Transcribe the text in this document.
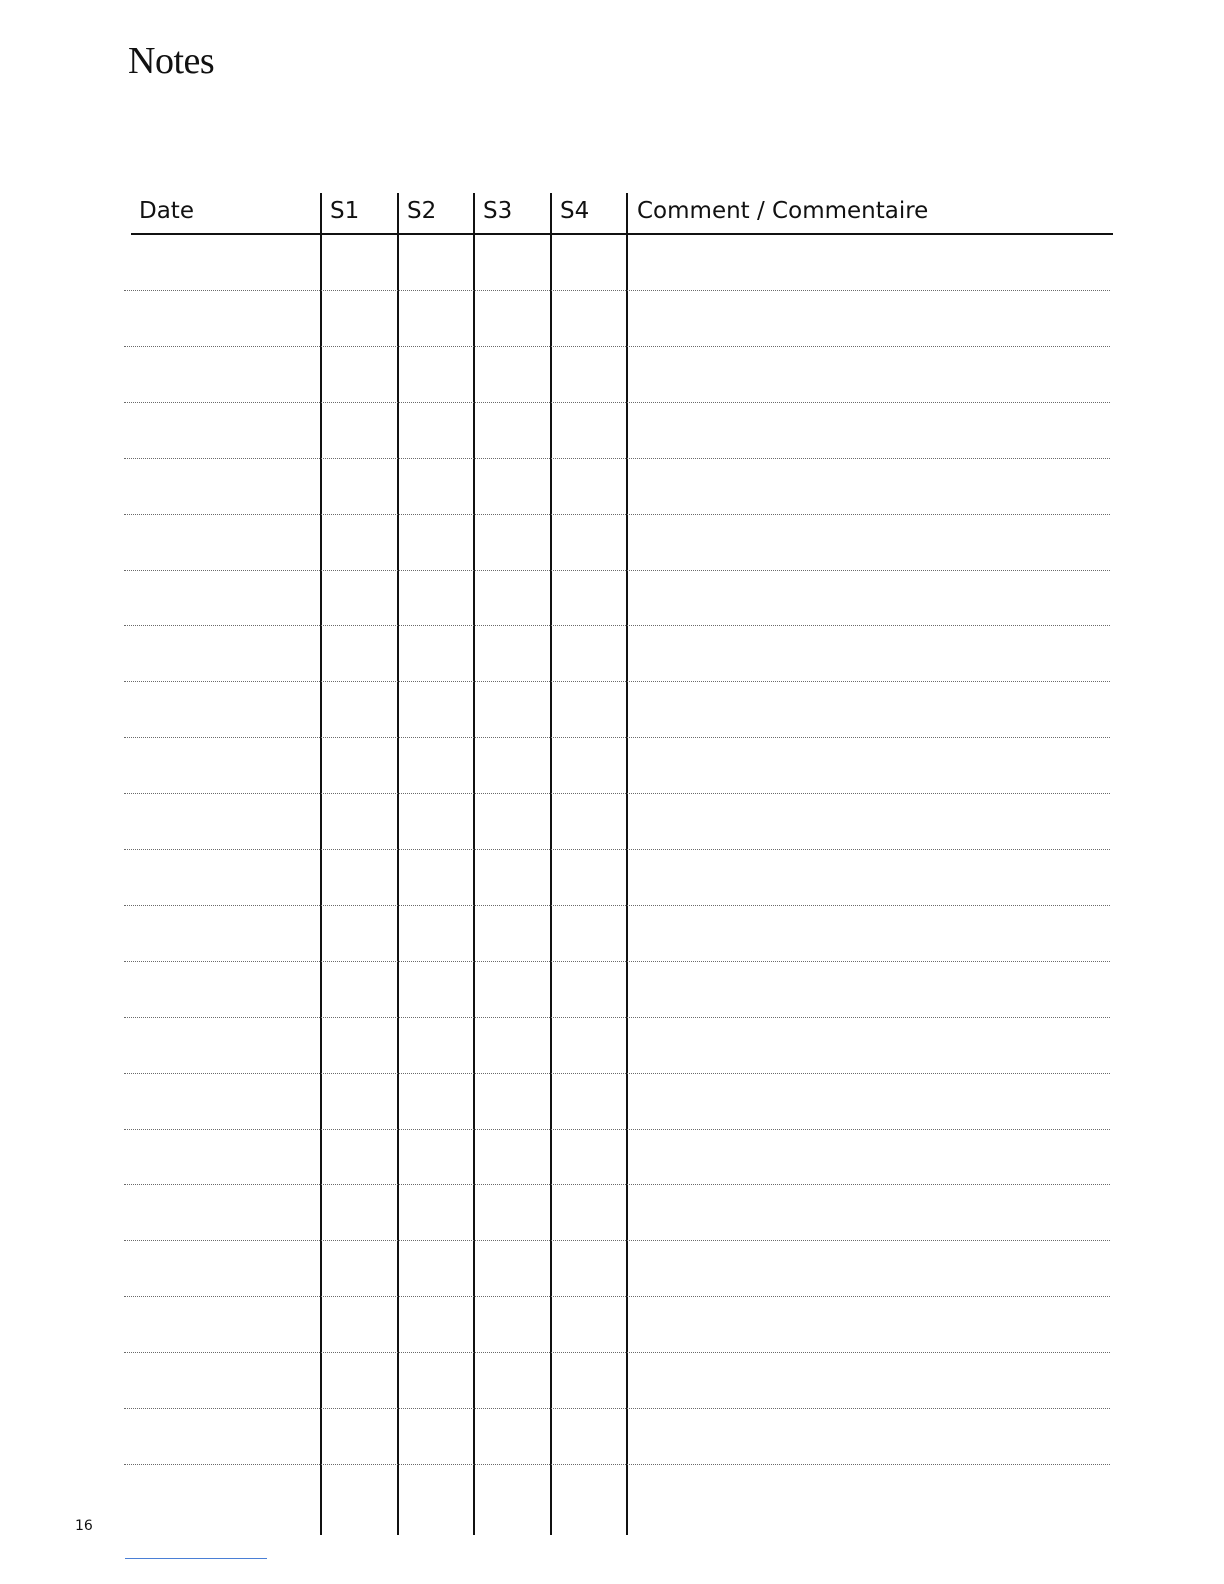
Notes
Date	S1 S2 S3 S4 Comment / Commentaire
16
